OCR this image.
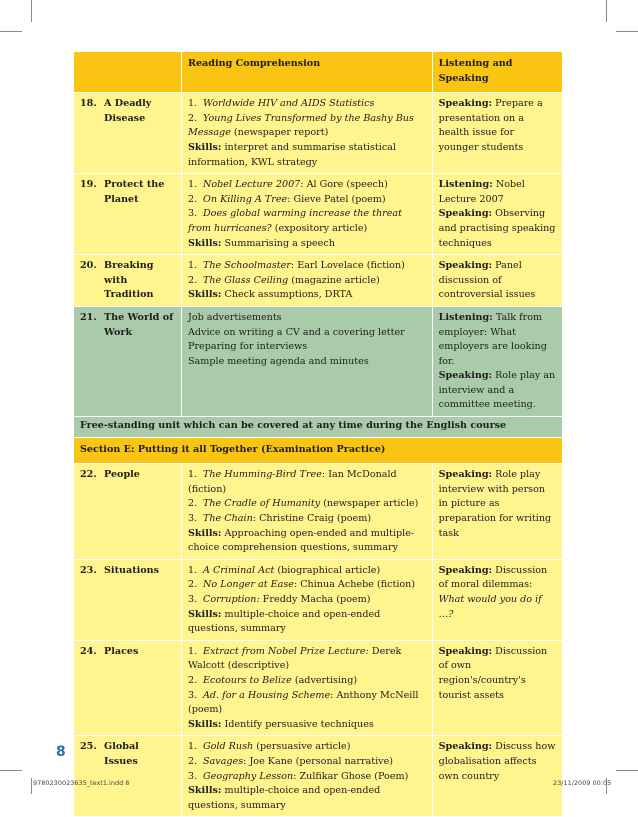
	Reading Comprehension	Listening and Speaking

18. A Deadly Disease	1. Worldwide HIV and AIDS Statistics
2. Young Lives Transformed by the Bashy Bus Message (newspaper report)
Skills: interpret and summarise statistical information, KWL strategy	Speaking: Prepare a presentation on a health issue for younger students

19. Protect the Planet	1. Nobel Lecture 2007: Al Gore (speech)
2. On Killing A Tree: Gieve Patel (poem)
3. Does global warming increase the threat from hurricanes? (expository article)
Skills: Summarising a speech	Listening: Nobel Lecture 2007
Speaking: Observing and practising speaking techniques

20. Breaking with Tradition	1. The Schoolmaster: Earl Lovelace (fiction)
2. The Glass Ceiling (magazine article)
Skills: Check assumptions, DRTA	Speaking: Panel discussion of controversial issues

21. The World of Work	Job advertisements
Advice on writing a CV and a covering letter
Preparing for interviews
Sample meeting agenda and minutes	Listening: Talk from employer: What employers are looking for.
Speaking: Role play an interview and a committee meeting.
Free-standing unit which can be covered at any time during the English course		
Section E: Putting it all Together (Examination Practice)		

22. People	1. The Humming-Bird Tree: Ian McDonald (fiction)
2. The Cradle of Humanity (newspaper article)
3. The Chain: Christine Craig (poem)
Skills: Approaching open-ended and multiple-choice comprehension questions, summary	Speaking: Role play interview with person in picture as preparation for writing task

23. Situations	1. A Criminal Act (biographical article)
2. No Longer at Ease: Chinua Achebe (fiction)
3. Corruption: Freddy Macha (poem)
Skills: multiple-choice and open-ended questions, summary	Speaking: Discussion of moral dilemmas: What would you do if …?

24. Places	1. Extract from Nobel Prize Lecture: Derek Walcott (descriptive)
2. Ecotours to Belize (advertising)
3. Ad. for a Housing Scheme: Anthony McNeill (poem)
Skills: Identify persuasive techniques	Speaking: Discussion of own region's/country's tourist assets

25. Global Issues	1. Gold Rush (persuasive article)
2. Savages: Joe Kane (personal narrative)
3. Geography Lesson: Zulfikar Ghose (Poem)
Skills: multiple-choice and open-ended questions, summary	Speaking: Discuss how globalisation affects own country
8
9780230023635_text1.indd 8	23/11/2009 00:05
